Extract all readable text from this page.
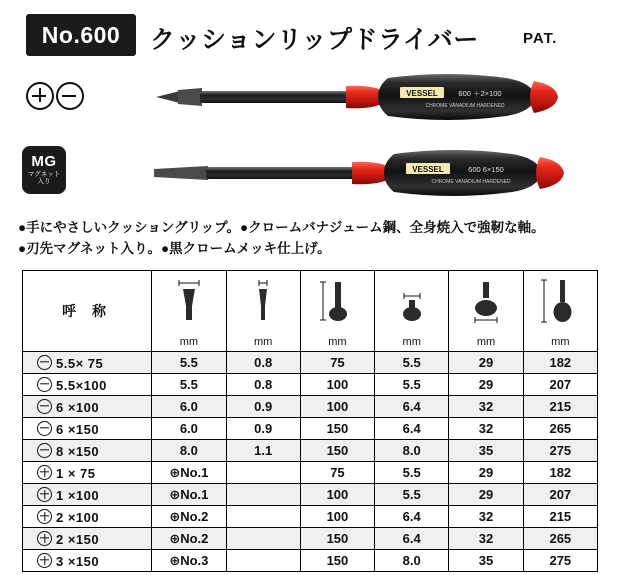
No.600	クッションリップドライバー	PAT.
MG
マグネット
入り
VESSEL	600 ＋2×100
CHROME VANADIUM HARDENED
VESSEL	600 6×150
CHROME VANADIUM HARDENED
●手にやさしいクッショングリップ。●クロームバナジューム鋼、全身焼入で強靭な軸。
●刃先マグネット入り。●黒クロームメッキ仕上げ。
呼 称	mm	mm	mm	mm	mm	mm

5.5× 75	5.5	0.8	75	5.5	29	182
5.5×100	5.5	0.8	100	5.5	29	207
6 ×100	6.0	0.9	100	6.4	32	215
6 ×150	6.0	0.9	150	6.4	32	265
8 ×150	8.0	1.1	150	8.0	35	275
1 × 75	⊕No.1		75	5.5	29	182
1 ×100	⊕No.1		100	5.5	29	207
2 ×100	⊕No.2		100	6.4	32	215
2 ×150	⊕No.2		150	6.4	32	265
3 ×150	⊕No.3		150	8.0	35	275
